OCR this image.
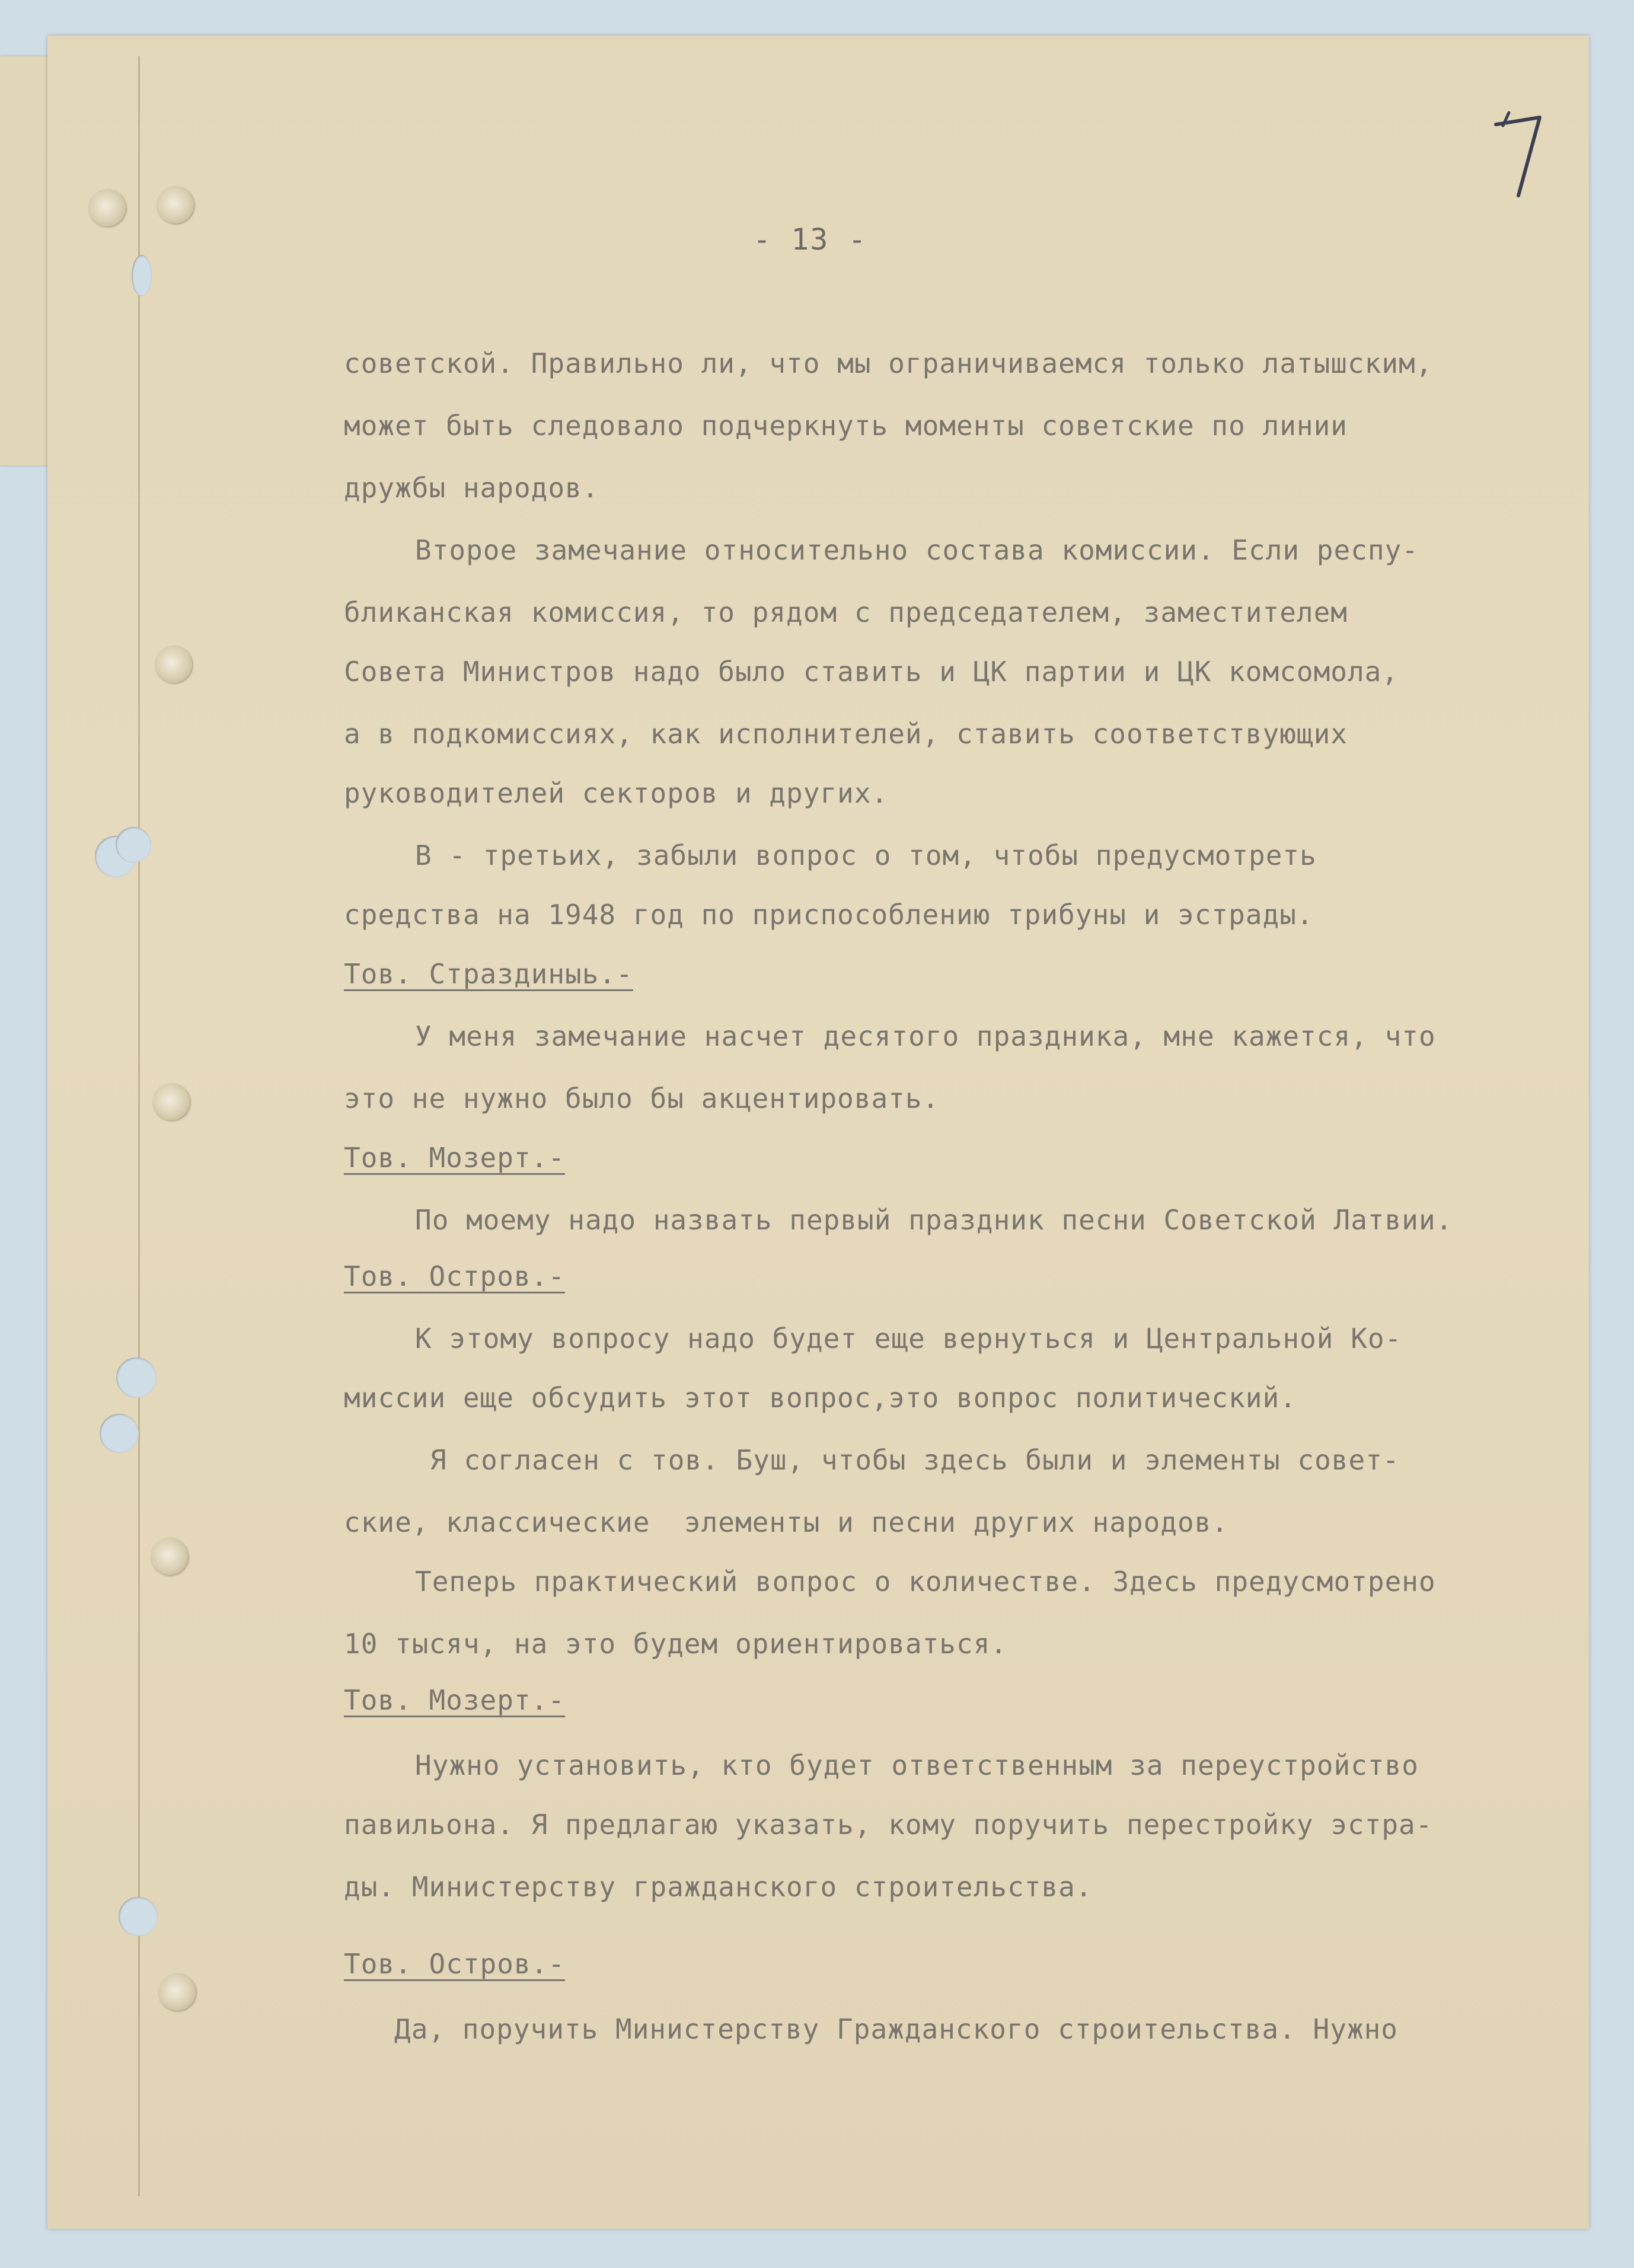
- 13 -
советской. Правильно ли, что мы ограничиваемся только латышским,
может быть следовало подчеркнуть моменты советские по линии
дружбы народов.
Второе замечание относительно состава комиссии. Если респу-
бликанская комиссия, то рядом с председателем, заместителем
Совета Министров надо было ставить и ЦК партии и ЦК комсомола,
а в подкомиссиях, как исполнителей, ставить соответствующих
руководителей секторов и других.
В - третьих, забыли вопрос о том, чтобы предусмотреть
средства на 1948 год по приспособлению трибуны и эстрады.
Тов. Страздиныь.-
У меня замечание насчет десятого праздника, мне кажется, что
это не нужно было бы акцентировать.
Тов. Мозерт.-
По моему надо назвать первый праздник песни Советской Латвии.
Тов. Остров.-
К этому вопросу надо будет еще вернуться и Центральной Ко-
миссии еще обсудить этот вопрос,это вопрос политический.
Я согласен с тов. Буш, чтобы здесь были и элементы совет-
ские, классические  элементы и песни других народов.
Теперь практический вопрос о количестве. Здесь предусмотрено
10 тысяч, на это будем ориентироваться.
Тов. Мозерт.-
Нужно установить, кто будет ответственным за переустройство
павильона. Я предлагаю указать, кому поручить перестройку эстра-
ды. Министерству гражданского строительства.
Тов. Остров.-
Да, поручить Министерству Гражданского строительства. Нужно
